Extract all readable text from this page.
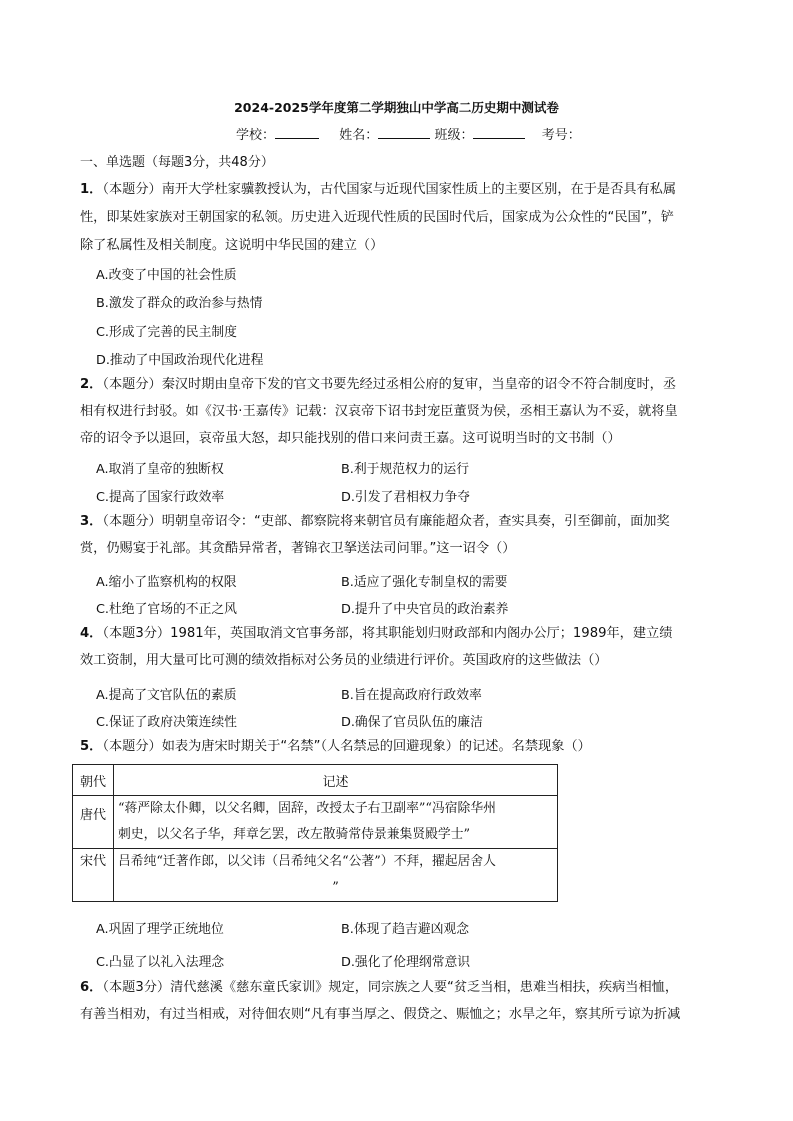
2024-2025学年度第二学期独山中学高二历史期中测试卷
学校：	姓名：	班级：	考号：
一、单选题（每题3分，共48分）
1．（本题分）南开大学杜家骥教授认为，古代国家与近现代国家性质上的主要区别，在于是否具有私属
性，即某姓家族对王朝国家的私领。历史进入近现代性质的民国时代后，国家成为公众性的“民国”，铲
除了私属性及相关制度。这说明中华民国的建立（）
A.改变了中国的社会性质
B.激发了群众的政治参与热情
C.形成了完善的民主制度
D.推动了中国政治现代化进程
2．（本题分）秦汉时期由皇帝下发的官文书要先经过丞相公府的复审，当皇帝的诏令不符合制度时，丞
相有权进行封驳。如《汉书·王嘉传》记载：汉哀帝下诏书封宠臣董贤为侯，丞相王嘉认为不妥，就将皇
帝的诏令予以退回，哀帝虽大怒，却只能找别的借口来问责王嘉。这可说明当时的文书制（）
A.取消了皇帝的独断权	B.利于规范权力的运行
C.提高了国家行政效率	D.引发了君相权力争夺
3．（本题分）明朝皇帝诏令：“吏部、都察院将来朝官员有廉能超众者，查实具奏，引至御前，面加奖
赏，仍赐宴于礼部。其贪酷异常者，著锦衣卫拏送法司问罪。”这一诏令（）
A.缩小了监察机构的权限	B.适应了强化专制皇权的需要
C.杜绝了官场的不正之风	D.提升了中央官员的政治素养
4．（本题3分）1981年，英国取消文官事务部，将其职能划归财政部和内阁办公厅；1989年，建立绩
效工资制，用大量可比可测的绩效指标对公务员的业绩进行评价。英国政府的这些做法（）
A.提高了文官队伍的素质	B.旨在提高政府行政效率
C.保证了政府决策连续性	D.确保了官员队伍的廉洁
5．（本题分）如表为唐宋时期关于“名禁”（人名禁忌的回避现象）的记述。名禁现象（）
朝代	记述
唐代	“蒋严除太仆卿，以父名卿，固辞，改授太子右卫副率”“冯宿除华州
刺史，以父名子华，拜章乞罢，改左散骑常侍景兼集贤殿学士”

宋代	吕希纯“迁著作郎，以父讳（吕希纯父名“公著”）不拜，擢起居舍人
”
A.巩固了理学正统地位	B.体现了趋吉避凶观念
C.凸显了以礼入法理念	D.强化了伦理纲常意识
6．（本题3分）清代慈溪《慈东童氏家训》规定，同宗族之人要“贫乏当相，患难当相扶，疾病当相恤，
有善当相劝，有过当相戒，对待佃农则“凡有事当厚之、假贷之、赈恤之；水旱之年，察其所亏谅为折减
